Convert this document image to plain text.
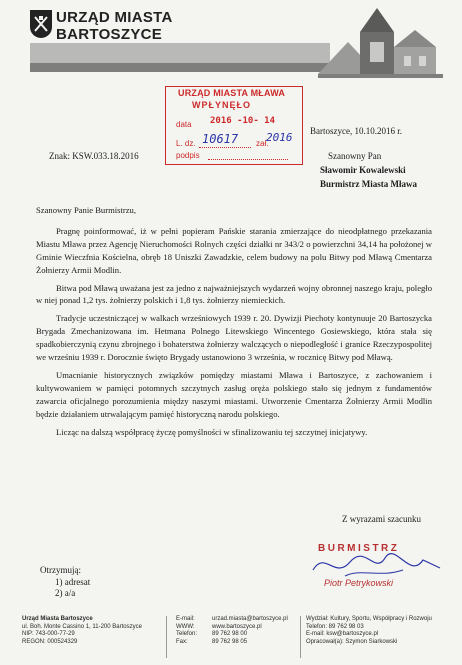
URZĄD MIASTA
BARTOSZYCE
URZĄD MIASTA MŁAWA
WPŁYNĘŁO
data 2016 -10- 14
L. dz. 10617 zał.
2016
podpis
Bartoszyce, 10.10.2016 r.
Znak: KSW.033.18.2016	Szanowny Pan
Sławomir Kowalewski
Burmistrz Miasta Mława

Szanowny Panie Burmistrzu,

Pragnę poinformować, iż w pełni popieram Pańskie starania zmierzające do nieodpłatnego przekazania Miastu Mława przez Agencję Nieruchomości Rolnych części działki nr 343/2 o powierzchni 34,14 ha położonej w Gminie Wieczfnia Kościelna, obręb 18 Uniszki Zawadzkie, celem budowy na polu Bitwy pod Mławą Cmentarza Żołnierzy Armii Modlin.

Bitwa pod Mławą uważana jest za jedno z najważniejszych wydarzeń wojny obronnej naszego kraju, poległo w niej ponad 1,2 tys. żołnierzy polskich i 1,8 tys. żołnierzy niemieckich.

Tradycje uczestniczącej w walkach wrześniowych 1939 r. 20. Dywizji Piechoty kontynuuje 20 Bartoszycka Brygada Zmechanizowana im. Hetmana Polnego Litewskiego Wincentego Gosiewskiego, która stała się spadkobierczynią czynu zbrojnego i bohaterstwa żołnierzy walczących o niepodległość i granice Rzeczypospolitej we wrześniu 1939 r. Dorocznie święto Brygady ustanowiono 3 września, w rocznicę Bitwy pod Mławą.

Umacnianie historycznych związków pomiędzy miastami Mława i Bartoszyce, z zachowaniem i kultywowaniem w pamięci potomnych szczytnych zasług oręża polskiego stało się jednym z fundamentów zawarcia oficjalnego porozumienia między naszymi miastami. Utworzenie Cmentarza Żołnierzy Armii Modlin będzie działaniem utrwalającym pamięć historyczną narodu polskiego.

Licząc na dalszą współpracę życzę pomyślności w sfinalizowaniu tej szczytnej inicjatywy.

Z wyrazami szacunku
BURMISTRZ
Piotr Petrykowski
Otrzymują:
1) adresat
2) a/a
Urząd Miasta Bartoszyce
ul. Boh. Monte Cassino 1, 11-200 Bartoszyce
NIP: 743-000-77-29
REGON: 000524329
E-mail:	urzad.miasta@bartoszyce.pl
WWW:	www.bartoszyce.pl
Telefon: 89 762 98 00
Fax:	89 762 98 05
Wydział: Kultury, Sportu, Współpracy i Rozwoju
Telefon: 89 762 98 03
E-mail: ksw@bartoszyce.pl
Opracował(a): Szymon Siarkowski
